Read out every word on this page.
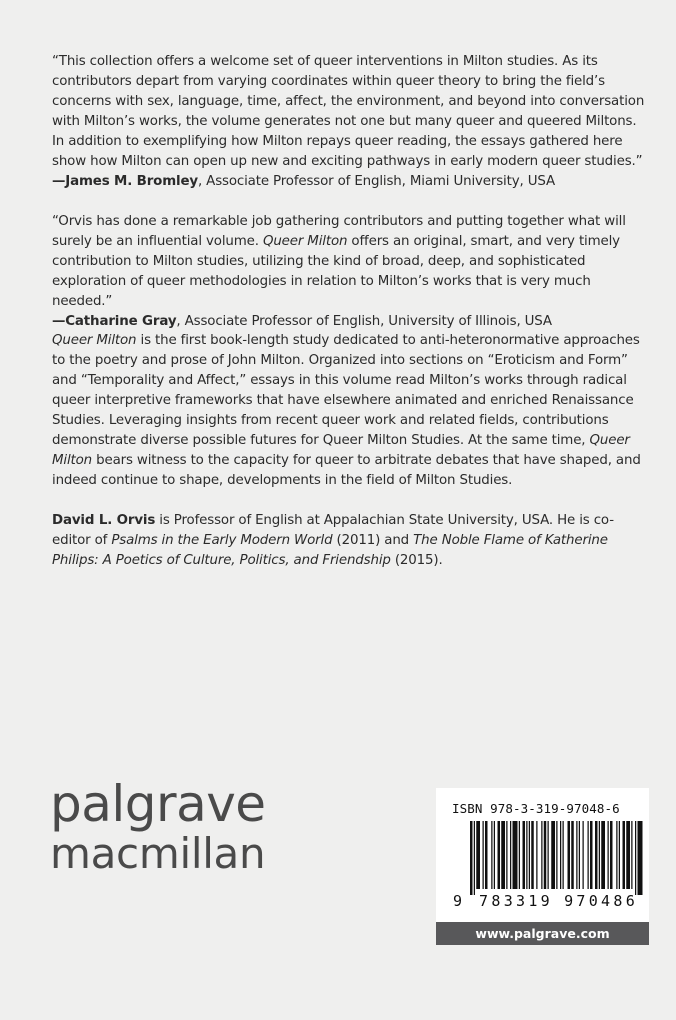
“This collection offers a welcome set of queer interventions in Milton studies. As its contributors depart from varying coordinates within queer theory to bring the field’s concerns with sex, language, time, affect, the environment, and beyond into conversation with Milton’s works, the volume generates not one but many queer and queered Miltons. In addition to exemplifying how Milton repays queer reading, the essays gathered here show how Milton can open up new and exciting pathways in early modern queer studies.”

—James M. Bromley, Associate Professor of English, Miami University, USA

“Orvis has done a remarkable job gathering contributors and putting together what will surely be an influential volume. Queer Milton offers an original, smart, and very timely contribution to Milton studies, utilizing the kind of broad, deep, and sophisticated exploration of queer methodologies in relation to Milton’s works that is very much needed.”

—Catharine Gray, Associate Professor of English, University of Illinois, USA

Queer Milton is the first book-length study dedicated to anti-heteronormative approaches to the poetry and prose of John Milton. Organized into sections on “Eroticism and Form” and “Temporality and Affect,” essays in this volume read Milton’s works through radical queer interpretive frameworks that have elsewhere animated and enriched Renaissance Studies. Leveraging insights from recent queer work and related fields, contributions demonstrate diverse possible futures for Queer Milton Studies. At the same time, Queer Milton bears witness to the capacity for queer to arbitrate debates that have shaped, and indeed continue to shape, developments in the field of Milton Studies.

David L. Orvis is Professor of English at Appalachian State University, USA. He is co-editor of Psalms in the Early Modern World (2011) and The Noble Flame of Katherine Philips: A Poetics of Culture, Politics, and Friendship (2015).

palgrave
macmillan
ISBN 978-3-319-97048-6
9 783319 970486
www.palgrave.com
